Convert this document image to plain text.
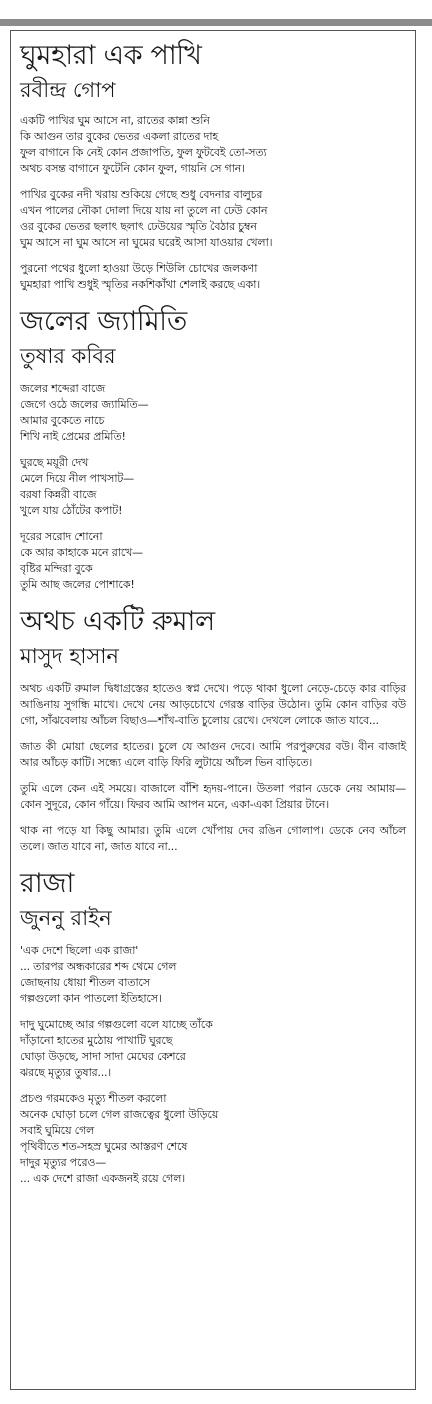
ঘুমহারা এক পাখি
রবীন্দ্র গোপ
একটি পাখির ঘুম আসে না, রাতের কান্না শুনি
কি আগুন তার বুকের ভেতর একলা রাতের দাহ
ফুল বাগানে কি নেই কোন প্রজাপতি, ফুল ফুটবেই তো-সত্য
অথচ বসন্ত বাগানে ফুটেনি কোন ফুল, গায়নি সে গান।
পাখির বুকের নদী খরায় শুকিয়ে গেছে শুধু বেদনার বালুচর
এখন পালের নৌকা দোলা দিয়ে যায় না তুলে না ঢেউ কোন
ওর বুকের ভেতর ছলাৎ ছলাৎ ঢেউয়ের স্মৃতি বৈঠার চুম্বন
ঘুম আসে না ঘুম আসে না ঘুমের ঘরেই আসা যাওয়ার খেলা।
পুরনো পথের ধুলো হাওয়া উড়ে শিউলি চোখের জলকণা
ঘুমহারা পাখি শুধুই স্মৃতির নকশিকাঁথা শেলাই করছে একা।
জলের জ্যামিতি
তুষার কবির
জলের শব্দেরা বাজে
জেগে ওঠে জলের জ্যামিতি—
আমার বুকেতে নাচে
শিখি নাই প্রেমের প্রমিতি!
ঘুরছে ময়ূরী দেখ
মেলে দিয়ে নীল পাখসাট—
বরষা কিন্নরী বাজে
খুলে যায় ঠোঁটের কপাট!
দূরের সরোদ শোনো
কে আর কাহাকে মনে রাখে—
বৃষ্টির মন্দিরা বুকে
তুমি আছ জলের পোশাকে!
অথচ একটি রুমাল
মাসুদ হাসান

অথচ একটি রুমাল দ্বিধাগ্রস্তের হাতেও স্বপ্ন দেখে। পড়ে থাকা ধুলো নেড়ে-চেড়ে কার বাড়ির আঙিনায় সুগন্ধি মাখে। দেখে নেয় আড়চোখে গেরস্ত বাড়ির উঠোন। তুমি কোন বাড়ির বউ গো, সাঁঝবেলায় আঁচল বিছাও—শাঁখ-বাতি চুলোয় রেখে। দেখলে লোকে জাত যাবে...

জাত কী মোয়া ছেলের হাতের। চুলে যে আগুন দেবে। আমি পরপুরুষের বউ। বীন বাজাই আর আঁচড় কাটি। সন্ধ্যে এলে বাড়ি ফিরি লুটায়ে আঁচল ভিন বাড়িতে।

তুমি এলে কেন এই সময়ে। বাজালে বাঁশি হৃদয়-পানে। উতলা পরান ডেকে নেয় আমায়—কোন সুদূরে, কোন গাঁয়ে। ফিরব আমি আপন মনে, একা-একা প্রিয়ার টানে।

থাক না পড়ে যা কিছু আমার। তুমি এলে খোঁপায় দেব রঙিন গোলাপ। ডেকে নেব আঁচল তলে। জাত যাবে না, জাত যাবে না...

রাজা
জুননু রাইন
'এক দেশে ছিলো এক রাজা'
... তারপর অন্ধকারের শব্দ থেমে গেল
জোছনায় ধোয়া শীতল বাতাসে
গল্পগুলো কান পাতলো ইতিহাসে।
দাদু ঘুমোচ্ছে আর গল্পগুলো বলে যাচ্ছে তাঁকে
দাঁড়ানো হাতের মুঠোয় পাখাটি ঘুরছে
ঘোড়া উড়ছে, সাদা সাদা মেঘের কেশরে
ঝরছে মৃত্যুর তুষার...।
প্রচণ্ড গরমকেও মৃত্যু শীতল করলো
অনেক ঘোড়া চলে গেল রাজত্বের ধুলো উড়িয়ে
সবাই ঘুমিয়ে গেল
পৃথিবীতে শত-সহস্র ঘুমের আস্তরণ শেষে
দাদুর মৃত্যুর পরেও—
... এক দেশে রাজা একজনই রয়ে গেল।
